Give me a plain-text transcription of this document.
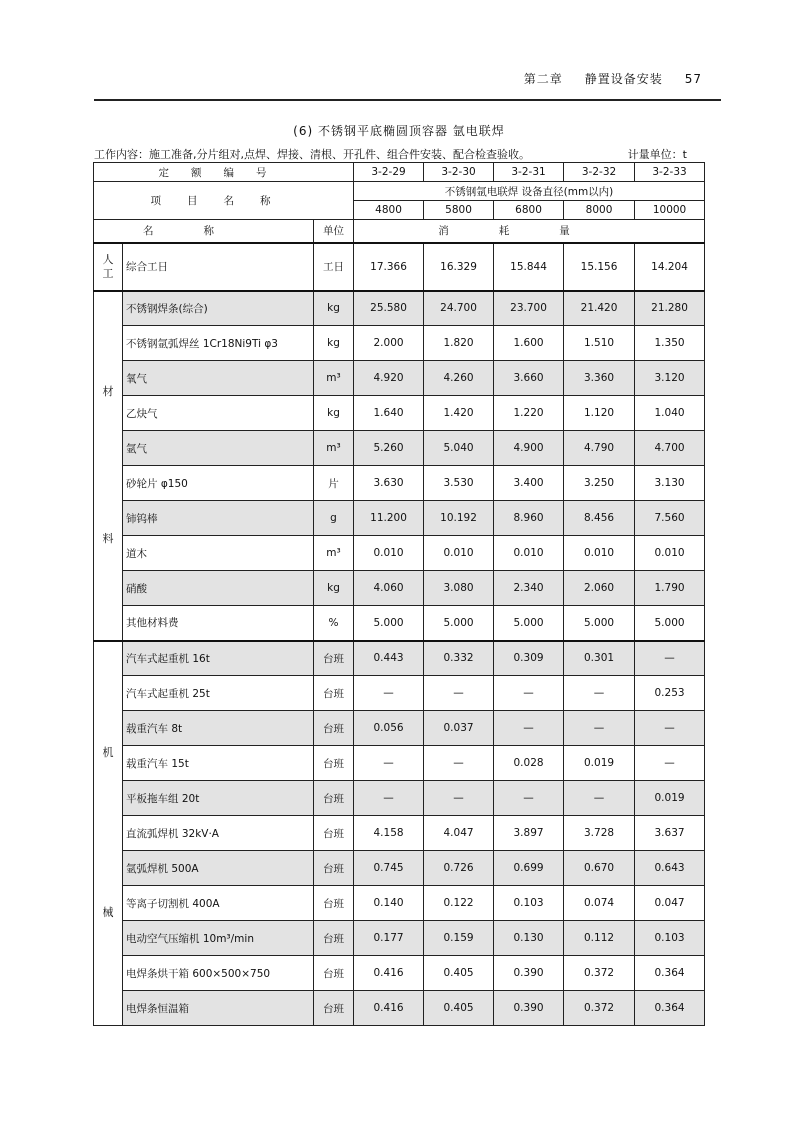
第二章 静置设备安装 57
(6) 不锈钢平底椭圆顶容器 氩电联焊
工作内容：施工准备,分片组对,点焊、焊接、清根、开孔件、组合件安装、配合检查验收。	计量单位：t
定额编号			3-2-29	3-2-30	3-2-31	3-2-32	3-2-33
项目名称			不锈钢氩电联焊 设备直径(mm以内)				
			4800	5800	6800	8000	10000
名称		单位	消耗量				

人
工	综合工日	工日	17.366	16.329	15.844	15.156	14.204

材
料	不锈钢焊条(综合)	kg	25.580	24.700	23.700	21.420	21.280
	不锈钢氩弧焊丝 1Cr18Ni9Ti φ3	kg	2.000	1.820	1.600	1.510	1.350
	氧气	m³	4.920	4.260	3.660	3.360	3.120
	乙炔气	kg	1.640	1.420	1.220	1.120	1.040
	氩气	m³	5.260	5.040	4.900	4.790	4.700
	砂轮片 φ150	片	3.630	3.530	3.400	3.250	3.130
	铈钨棒	g	11.200	10.192	8.960	8.456	7.560
	道木	m³	0.010	0.010	0.010	0.010	0.010
	硝酸	kg	4.060	3.080	2.340	2.060	1.790
	其他材料费	%	5.000	5.000	5.000	5.000	5.000

机
械	汽车式起重机 16t	台班	0.443	0.332	0.309	0.301	—
	汽车式起重机 25t	台班	—	—	—	—	0.253
	载重汽车 8t	台班	0.056	0.037	—	—	—
	载重汽车 15t	台班	—	—	0.028	0.019	—
	平板拖车组 20t	台班	—	—	—	—	0.019
	直流弧焊机 32kV·A	台班	4.158	4.047	3.897	3.728	3.637
	氩弧焊机 500A	台班	0.745	0.726	0.699	0.670	0.643
	等离子切割机 400A	台班	0.140	0.122	0.103	0.074	0.047
	电动空气压缩机 10m³/min	台班	0.177	0.159	0.130	0.112	0.103
	电焊条烘干箱 600×500×750	台班	0.416	0.405	0.390	0.372	0.364
	电焊条恒温箱	台班	0.416	0.405	0.390	0.372	0.364
